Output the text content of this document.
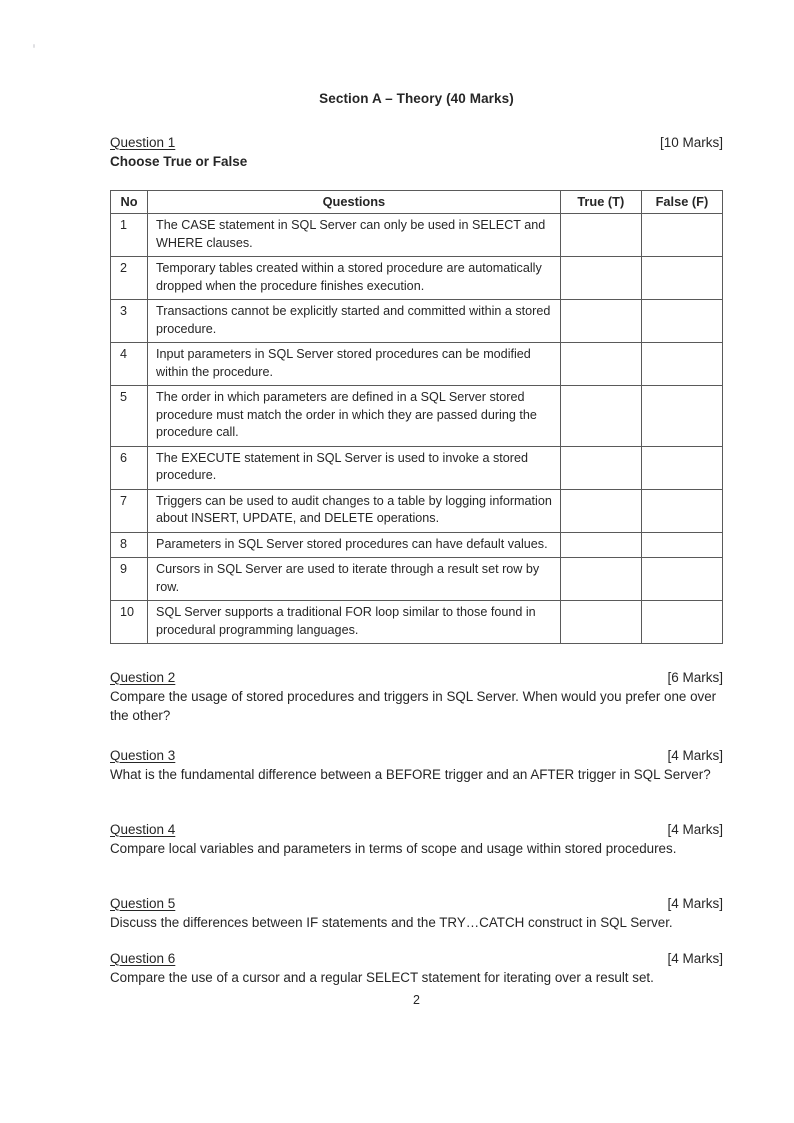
Section A – Theory (40 Marks)
Question 1	[10 Marks]
Choose True or False
No	Questions	True (T)	False (F)
1	The CASE statement in SQL Server can only be used in SELECT and WHERE clauses.		
2	Temporary tables created within a stored procedure are automatically dropped when the procedure finishes execution.		
3	Transactions cannot be explicitly started and committed within a stored procedure.		
4	Input parameters in SQL Server stored procedures can be modified within the procedure.		
5	The order in which parameters are defined in a SQL Server stored procedure must match the order in which they are passed during the procedure call.		
6	The EXECUTE statement in SQL Server is used to invoke a stored procedure.		
7	Triggers can be used to audit changes to a table by logging information about INSERT, UPDATE, and DELETE operations.		
8	Parameters in SQL Server stored procedures can have default values.		
9	Cursors in SQL Server are used to iterate through a result set row by row.		
10	SQL Server supports a traditional FOR loop similar to those found in procedural programming languages.		
Question 2	[6 Marks]
Compare the usage of stored procedures and triggers in SQL Server. When would you prefer one over the other?
Question 3	[4 Marks]
What is the fundamental difference between a BEFORE trigger and an AFTER trigger in SQL Server?
Question 4	[4 Marks]
Compare local variables and parameters in terms of scope and usage within stored procedures.
Question 5	[4 Marks]
Discuss the differences between IF statements and the TRY…CATCH construct in SQL Server.
Question 6	[4 Marks]
Compare the use of a cursor and a regular SELECT statement for iterating over a result set.
2
